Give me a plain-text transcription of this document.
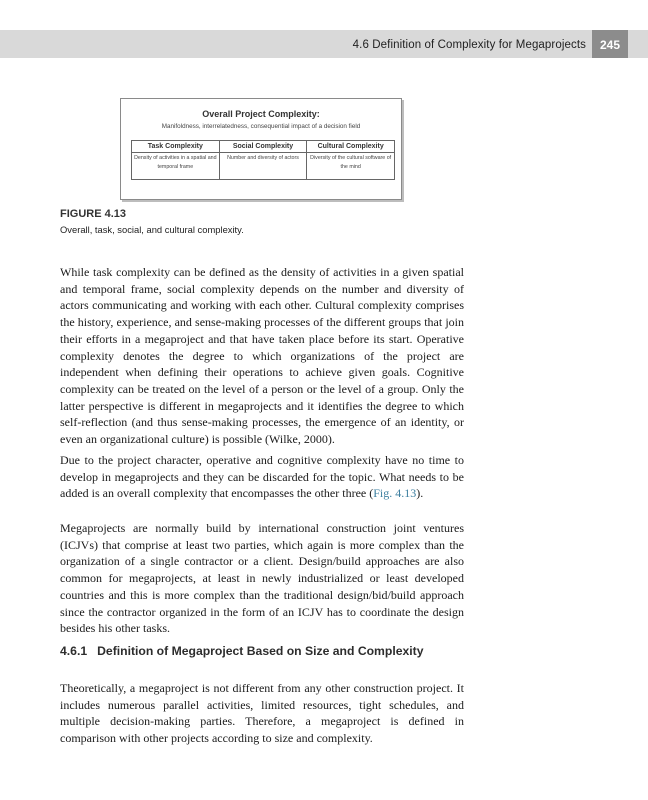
4.6 Definition of Complexity for Megaprojects	245
Overall Project Complexity:
Manifoldness, interrelatedness, consequential impact of a decision field
Task Complexity	Social Complexity	Cultural Complexity
Density of activities in a spatial and temporal frame	Number and diversity of actors	Diversity of the cultural software of the mind
FIGURE 4.13
Overall, task, social, and cultural complexity.

While task complexity can be defined as the density of activities in a given spatial and temporal frame, social complexity depends on the number and diversity of actors communicating and working with each other. Cultural complexity comprises the history, experience, and sense-making processes of the different groups that join their efforts in a megaproject and that have taken place before its start. Operative complexity denotes the degree to which organizations of the project are independent when defining their operations to achieve given goals. Cognitive complexity can be treated on the level of a person or the level of a group. Only the latter perspective is different in megaprojects and it identifies the degree to which self-reflection (and thus sense-making processes, the emergence of an identity, or even an organizational culture) is possible (Wilke, 2000).

Due to the project character, operative and cognitive complexity have no time to develop in megaprojects and they can be discarded for the topic. What needs to be added is an overall complexity that encompasses the other three (Fig. 4.13).

Megaprojects are normally build by international construction joint ventures (ICJVs) that comprise at least two parties, which again is more complex than the organization of a single contractor or a client. Design/build approaches are also common for megaprojects, at least in newly industrialized or least developed countries and this is more complex than the traditional design/​bid/build approach since the contractor organized in the form of an ICJV has to coordinate the design besides his other tasks.

4.6.1 Definition of Megaproject Based on Size and Complexity

Theoretically, a megaproject is not different from any other construction project. It includes numerous parallel activities, limited resources, tight schedules, and multiple decision-making parties. Therefore, a megaproject is defined in comparison with other projects according to size and complexity.
